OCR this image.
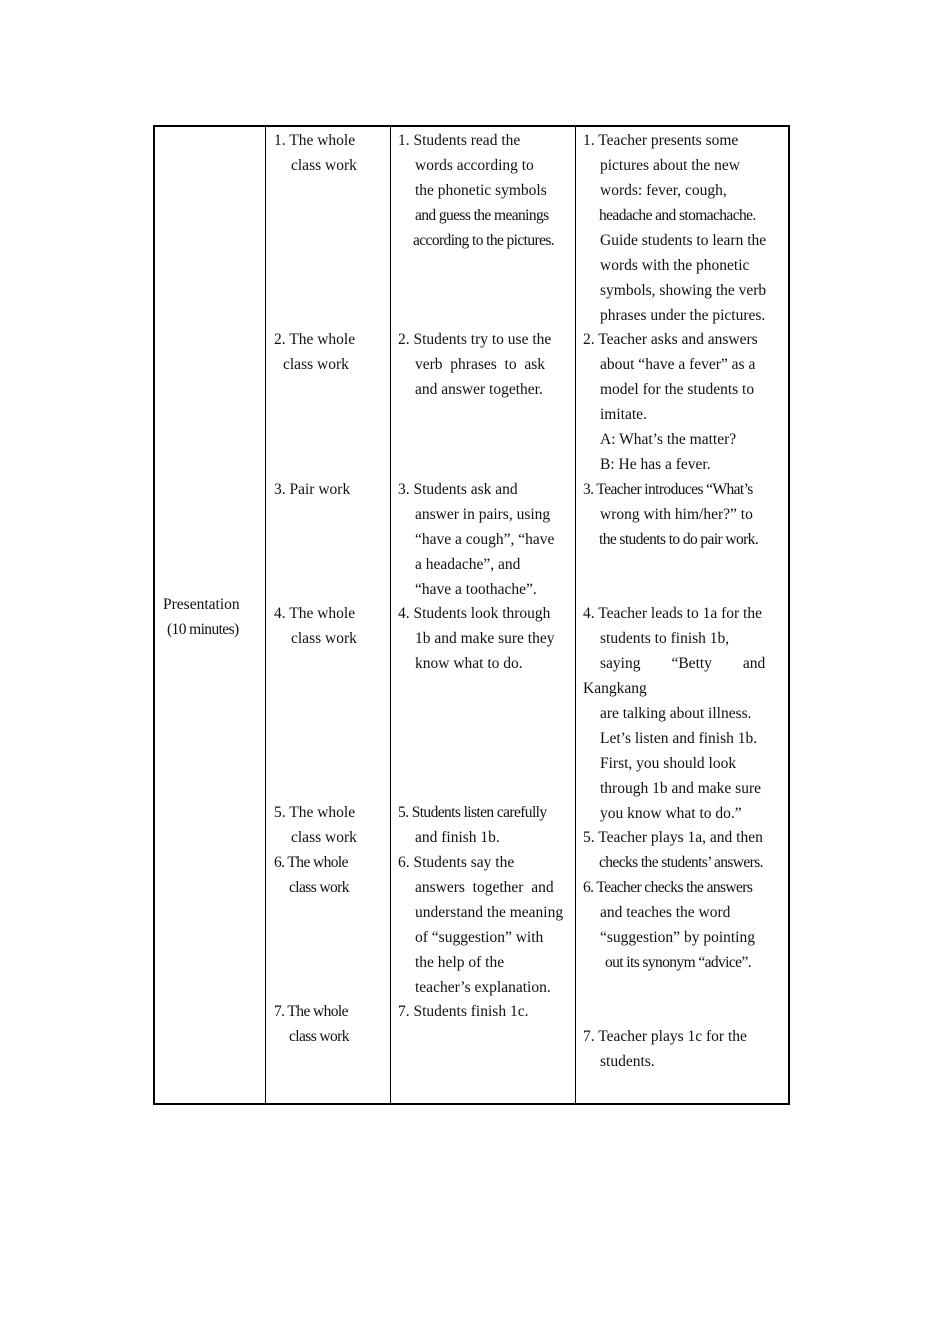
Presentation
(10 minutes)
1. The whole
class work
2. The whole
class work
3. Pair work
4. The whole
class work
5. The whole
class work
6. The whole
class work
7. The whole
class work
1. Students read the
words according to
the phonetic symbols
and guess the meanings
according to the pictures.
2. Students try to use the
verb  phrases  to  ask
and answer together.
3. Students ask and
answer in pairs, using
“have a cough”, “have
a headache”, and
“have a toothache”.
4. Students look through
1b and make sure they
know what to do.
5. Students listen carefully
and finish 1b.
6. Students say the
answers  together  and
understand the meaning
of “suggestion” with
the help of the
teacher’s explanation.
7. Students finish 1c.
1. Teacher presents some
pictures about the new
words: fever, cough,
headache and stomachache.
Guide students to learn the
words with the phonetic
symbols, showing the verb
phrases under the pictures.
2. Teacher asks and answers
about “have a fever” as a
model for the students to
imitate.
A: What’s the matter?
B: He has a fever.
3. Teacher introduces “What’s
wrong with him/her?” to
the students to do pair work.
4. Teacher leads to 1a for the
students to finish 1b,
saying        “Betty        and
Kangkang
are talking about illness.
Let’s listen and finish 1b.
First, you should look
through 1b and make sure
you know what to do.”
5. Teacher plays 1a, and then
checks the students’ answers.
6. Teacher checks the answers
and teaches the word
“suggestion” by pointing
out its synonym “advice”.
7. Teacher plays 1c for the
students.
